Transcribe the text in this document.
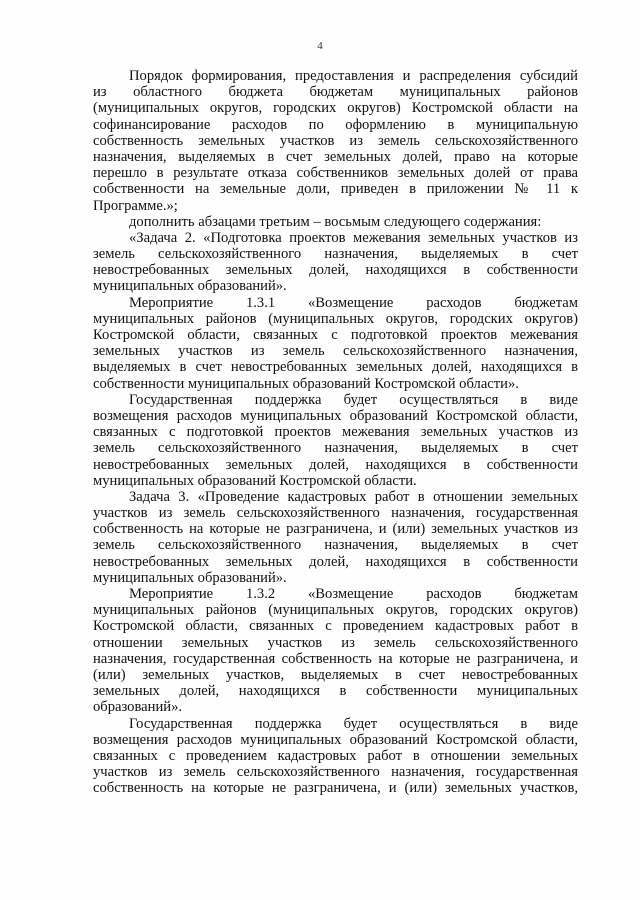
4
Порядок формирования, предоставления и распределения субсидий
из областного бюджета бюджетам муниципальных районов
(муниципальных округов, городских округов) Костромской области на
софинансирование расходов по оформлению в муниципальную
собственность земельных участков из земель сельскохозяйственного
назначения, выделяемых в счет земельных долей, право на которые
перешло в результате отказа собственников земельных долей от права
собственности на земельные доли, приведен в приложении № 11 к
Программе.»;
дополнить абзацами третьим – восьмым следующего содержания:
«Задача 2. «Подготовка проектов межевания земельных участков из
земель сельскохозяйственного назначения, выделяемых в счет
невостребованных земельных долей, находящихся в собственности
муниципальных образований».
Мероприятие 1.3.1 «Возмещение расходов бюджетам
муниципальных районов (муниципальных округов, городских округов)
Костромской области, связанных с подготовкой проектов межевания
земельных участков из земель сельскохозяйственного назначения,
выделяемых в счет невостребованных земельных долей, находящихся в
собственности муниципальных образований Костромской области».
Государственная поддержка будет осуществляться в виде
возмещения расходов муниципальных образований Костромской области,
связанных с подготовкой проектов межевания земельных участков из
земель сельскохозяйственного назначения, выделяемых в счет
невостребованных земельных долей, находящихся в собственности
муниципальных образований Костромской области.
Задача 3. «Проведение кадастровых работ в отношении земельных
участков из земель сельскохозяйственного назначения, государственная
собственность на которые не разграничена, и (или) земельных участков из
земель сельскохозяйственного назначения, выделяемых в счет
невостребованных земельных долей, находящихся в собственности
муниципальных образований».
Мероприятие 1.3.2 «Возмещение расходов бюджетам
муниципальных районов (муниципальных округов, городских округов)
Костромской области, связанных с проведением кадастровых работ в
отношении земельных участков из земель сельскохозяйственного
назначения, государственная собственность на которые не разграничена, и
(или) земельных участков, выделяемых в счет невостребованных
земельных долей, находящихся в собственности муниципальных
образований».
Государственная поддержка будет осуществляться в виде
возмещения расходов муниципальных образований Костромской области,
связанных с проведением кадастровых работ в отношении земельных
участков из земель сельскохозяйственного назначения, государственная
собственность на которые не разграничена, и (или) земельных участков,
